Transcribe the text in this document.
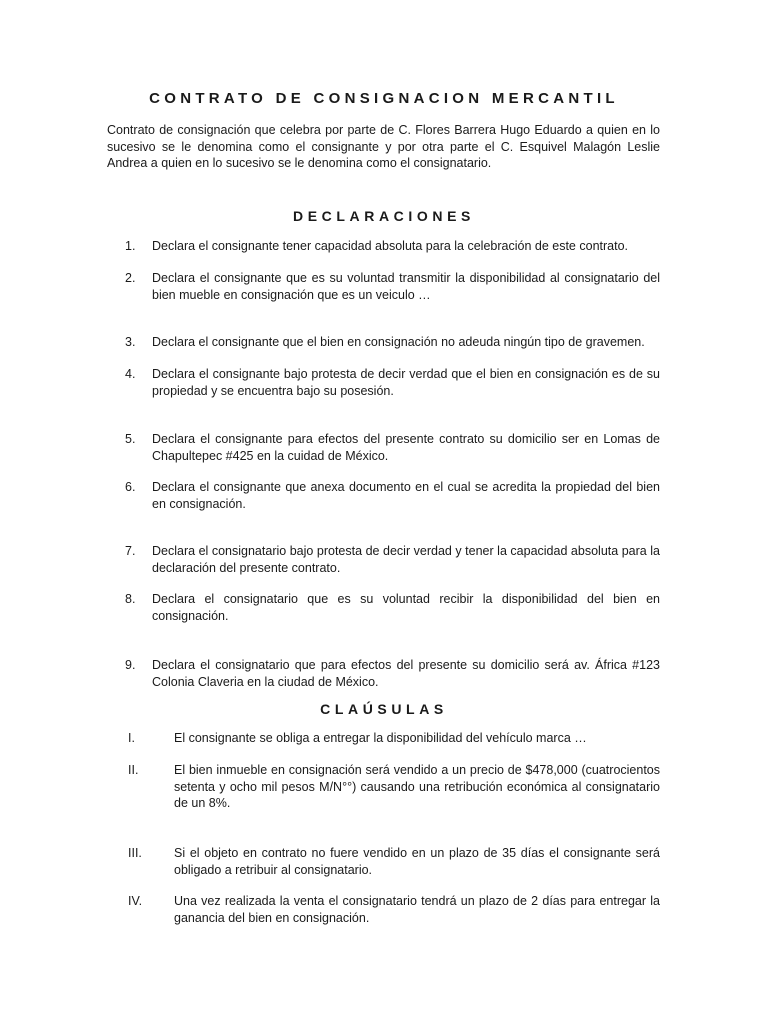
CONTRATO DE CONSIGNACION MERCANTIL

Contrato de consignación que celebra por parte de C. Flores Barrera Hugo Eduardo a quien en lo sucesivo se le denomina como el consignante y por otra parte el C. Esquivel Malagón Leslie Andrea a quien en lo sucesivo se le denomina como el consignatario.

DECLARACIONES
1. Declara el consignante tener capacidad absoluta para la celebración de este contrato.
2. Declara el consignante que es su voluntad transmitir la disponibilidad al consignatario del bien mueble en consignación que es un veiculo …
3. Declara el consignante que el bien en consignación no adeuda ningún tipo de gravemen.
4. Declara el consignante bajo protesta de decir verdad que el bien en consignación es de su propiedad y se encuentra bajo su posesión.
5. Declara el consignante para efectos del presente contrato su domicilio ser en Lomas de Chapultepec #425 en la cuidad de México.
6. Declara el consignante que anexa documento en el cual se acredita la propiedad del bien en consignación.
7. Declara el consignatario bajo protesta de decir verdad y tener la capacidad absoluta para la declaración del presente contrato.
8. Declara el consignatario que es su voluntad recibir la disponibilidad del bien en consignación.
9. Declara el consignatario que para efectos del presente su domicilio será av. África #123 Colonia Claveria en la ciudad de México.
CLAÚSULAS
I.	El consignante se obliga a entregar la disponibilidad del vehículo marca …
II.	El bien inmueble en consignación será vendido a un precio de $478,000 (cuatrocientos setenta y ocho mil pesos M/N°°) causando una retribución económica al consignatario de un 8%.
III.	Si el objeto en contrato no fuere vendido en un plazo de 35 días el consignante será obligado a retribuir al consignatario.
IV.	Una vez realizada la venta el consignatario tendrá un plazo de 2 días para entregar la ganancia del bien en consignación.
